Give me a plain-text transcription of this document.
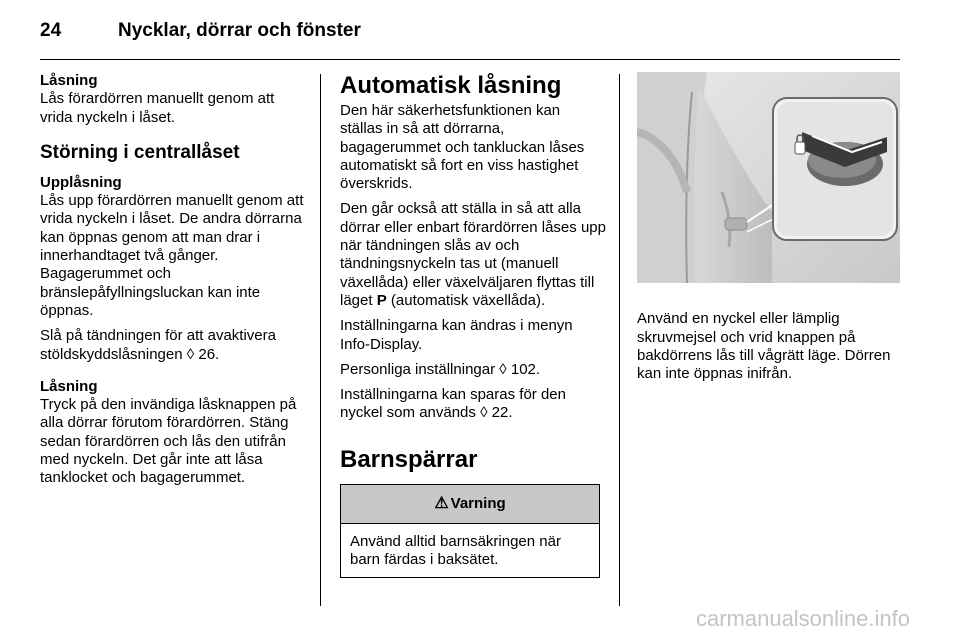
24	Nycklar, dörrar och fönster
Låsning

Lås förardörren manuellt genom att vrida nyckeln i låset.

Störning i centrallåset
Upplåsning

Lås upp förardörren manuellt genom att vrida nyckeln i låset. De andra dörrarna kan öppnas genom att man drar i innerhandtaget två gånger. Bagagerummet och bränslepåfyllningsluckan kan inte öppnas.

Slå på tändningen för att avaktivera stöldskyddslåsningen ◊ 26.

Låsning

Tryck på den invändiga låsknappen på alla dörrar förutom förardörren. Stäng sedan förardörren och lås den utifrån med nyckeln. Det går inte att låsa tanklocket och bagagerummet.

Automatisk låsning

Den här säkerhetsfunktionen kan ställas in så att dörrarna, bagagerummet och tankluckan låses automatiskt så fort en viss hastighet överskrids.

Den går också att ställa in så att alla dörrar eller enbart förardörren låses upp när tändningen slås av och tändningsnyckeln tas ut (manuell växellåda) eller växelväljaren flyttas till läget P (automatisk växellåda).

Inställningarna kan ändras i menyn Info-Display.

Personliga inställningar ◊ 102.

Inställningarna kan sparas för den nyckel som används ◊ 22.

Barnspärrar
⚠ Varning
Använd alltid barnsäkringen när barn färdas i baksätet.

Använd en nyckel eller lämplig skruvmejsel och vrid knappen på bakdörrens lås till vågrätt läge. Dörren kan inte öppnas inifrån.

carmanualsonline.info
